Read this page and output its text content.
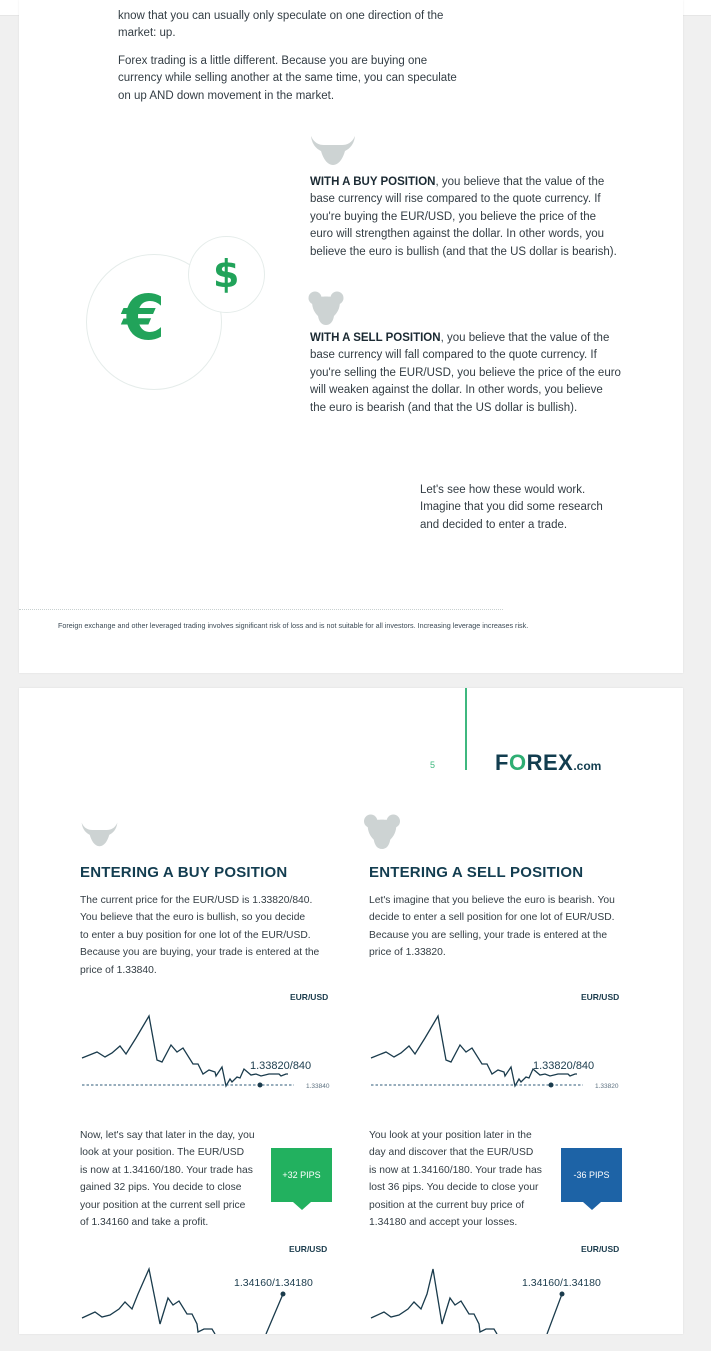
know that you can usually only speculate on one direction of the
market: up.
Forex trading is a little different. Because you are buying one
currency while selling another at the same time, you can speculate
on up AND down movement in the market.
WITH A BUY POSITION, you believe that the value of the
base currency will rise compared to the quote currency. If
you're buying the EUR/USD, you believe the price of the
euro will strengthen against the dollar. In other words, you
believe the euro is bullish (and that the US dollar is bearish).
€
$
WITH A SELL POSITION, you believe that the value of the
base currency will fall compared to the quote currency. If
you're selling the EUR/USD, you believe the price of the euro
will weaken against the dollar. In other words, you believe
the euro is bearish (and that the US dollar is bullish).
Let's see how these would work.
Imagine that you did some research
and decided to enter a trade.
Foreign exchange and other leveraged trading involves significant risk of loss and is not suitable for all investors. Increasing leverage increases risk.
5	FOREX.com
ENTERING A BUY POSITION	ENTERING A SELL POSITION
The current price for the EUR/USD is 1.33820/840.
You believe that the euro is bullish, so you decide
to enter a buy position for one lot of the EUR/USD.
Because you are buying, your trade is entered at the
price of 1.33840.
Let's imagine that you believe the euro is bearish. You
decide to enter a sell position for one lot of EUR/USD.
Because you are selling, your trade is entered at the
price of 1.33820.
EUR/USD
1.33820/840
1.33840
EUR/USD
1.33820/840
1.33820
Now, let's say that later in the day, you
look at your position. The EUR/USD
is now at 1.34160/180. Your trade has
gained 32 pips. You decide to close
your position at the current sell price
of 1.34160 and take a profit.
+32 PIPS
You look at your position later in the
day and discover that the EUR/USD
is now at 1.34160/180. Your trade has
lost 36 pips. You decide to close your
position at the current buy price of
1.34180 and accept your losses.
-36 PIPS
EUR/USD
1.34160/1.34180
EUR/USD
1.34160/1.34180
